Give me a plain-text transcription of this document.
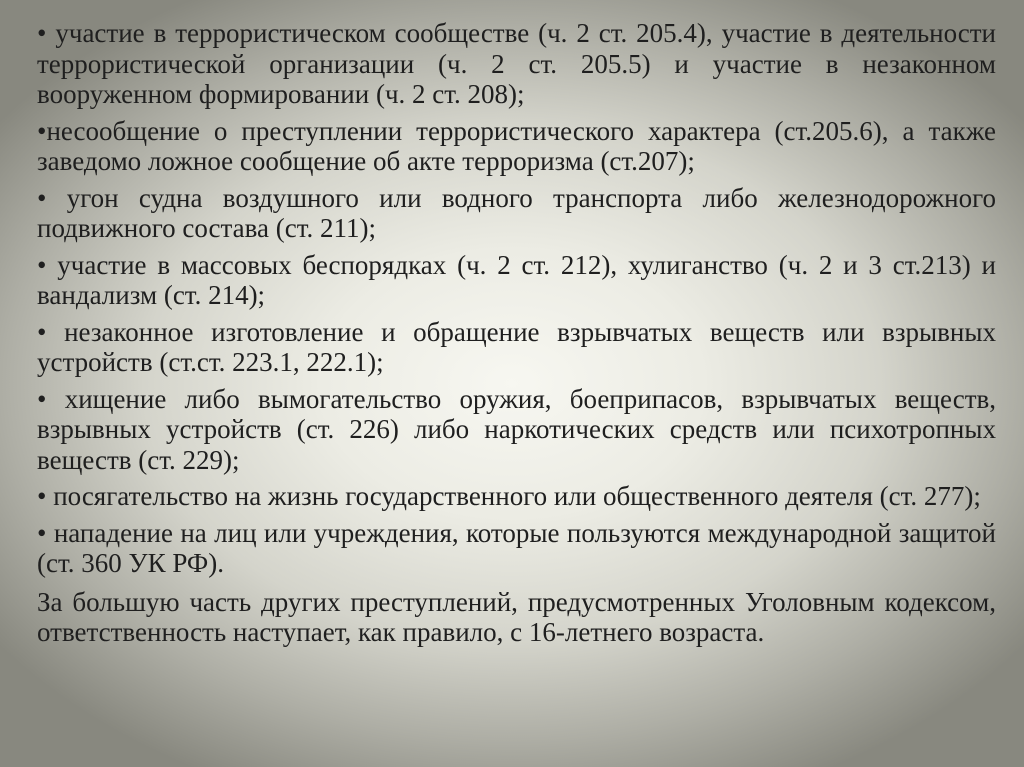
• участие в террористическом сообществе (ч. 2 ст. 205.4), участие в деятельности террористической организации (ч. 2 ст. 205.5) и участие в незаконном вооруженном формировании (ч. 2 ст. 208);

•несообщение о преступлении террористического характера (ст.205.6), а также заведомо ложное сообщение об акте терроризма (ст.207);

• угон судна воздушного или водного транспорта либо железнодорожного подвижного состава (ст. 211);

• участие в массовых беспорядках (ч. 2 ст. 212), хулиганство (ч. 2 и 3 ст.213) и вандализм (ст. 214);

• незаконное изготовление и обращение взрывчатых веществ или взрывных устройств (ст.ст. 223.1, 222.1);

• хищение либо вымогательство оружия, боеприпасов, взрывчатых веществ, взрывных устройств (ст. 226) либо наркотических средств или психотропных веществ (ст. 229);

• посягательство на жизнь государственного или общественного деятеля (ст. 277);

• нападение на лиц или учреждения, которые пользуются международной защитой (ст. 360 УК РФ).

За большую часть других преступлений, предусмотренных Уголовным кодексом, ответственность наступает, как правило, с 16-летнего возраста.
